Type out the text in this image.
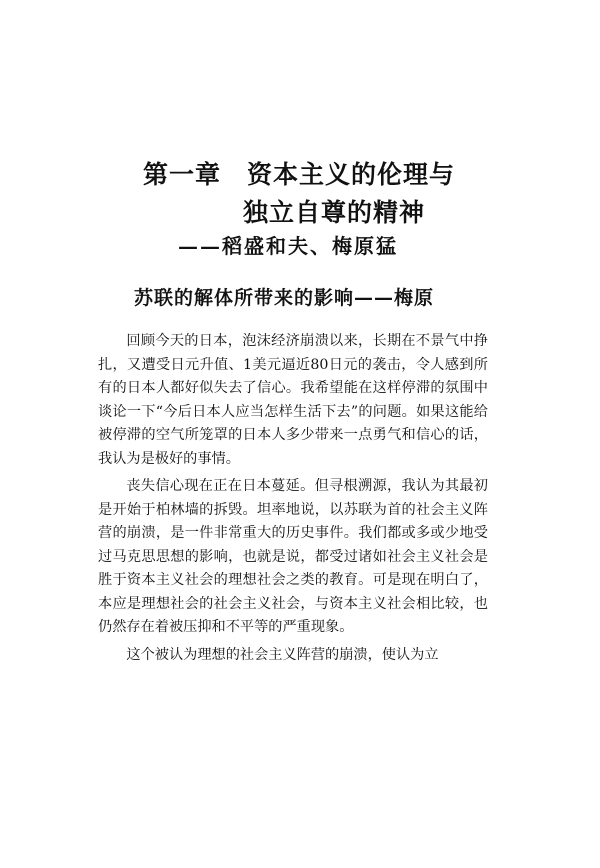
第一章　资本主义的伦理与
独立自尊的精神
——稻盛和夫、梅原猛
苏联的解体所带来的影响——梅原

回顾今天的日本，泡沫经济崩溃以来，长期在不景气中挣扎，又遭受日元升值、1美元逼近80日元的袭击，令人感到所有的日本人都好似失去了信心。我希望能在这样停滞的氛围中谈论一下“今后日本人应当怎样生活下去”的问题。如果这能给被停滞的空气所笼罩的日本人多少带来一点勇气和信心的话，我认为是极好的事情。

丧失信心现在正在日本蔓延。但寻根溯源，我认为其最初是开始于柏林墙的拆毁。坦率地说，以苏联为首的社会主义阵营的崩溃，是一件非常重大的历史事件。我们都或多或少地受过马克思思想的影响，也就是说，都受过诸如社会主义社会是胜于资本主义社会的理想社会之类的教育。可是现在明白了，本应是理想社会的社会主义社会，与资本主义社会相比较，也仍然存在着被压抑和不平等的严重现象。

这个被认为理想的社会主义阵营的崩溃，使认为立
